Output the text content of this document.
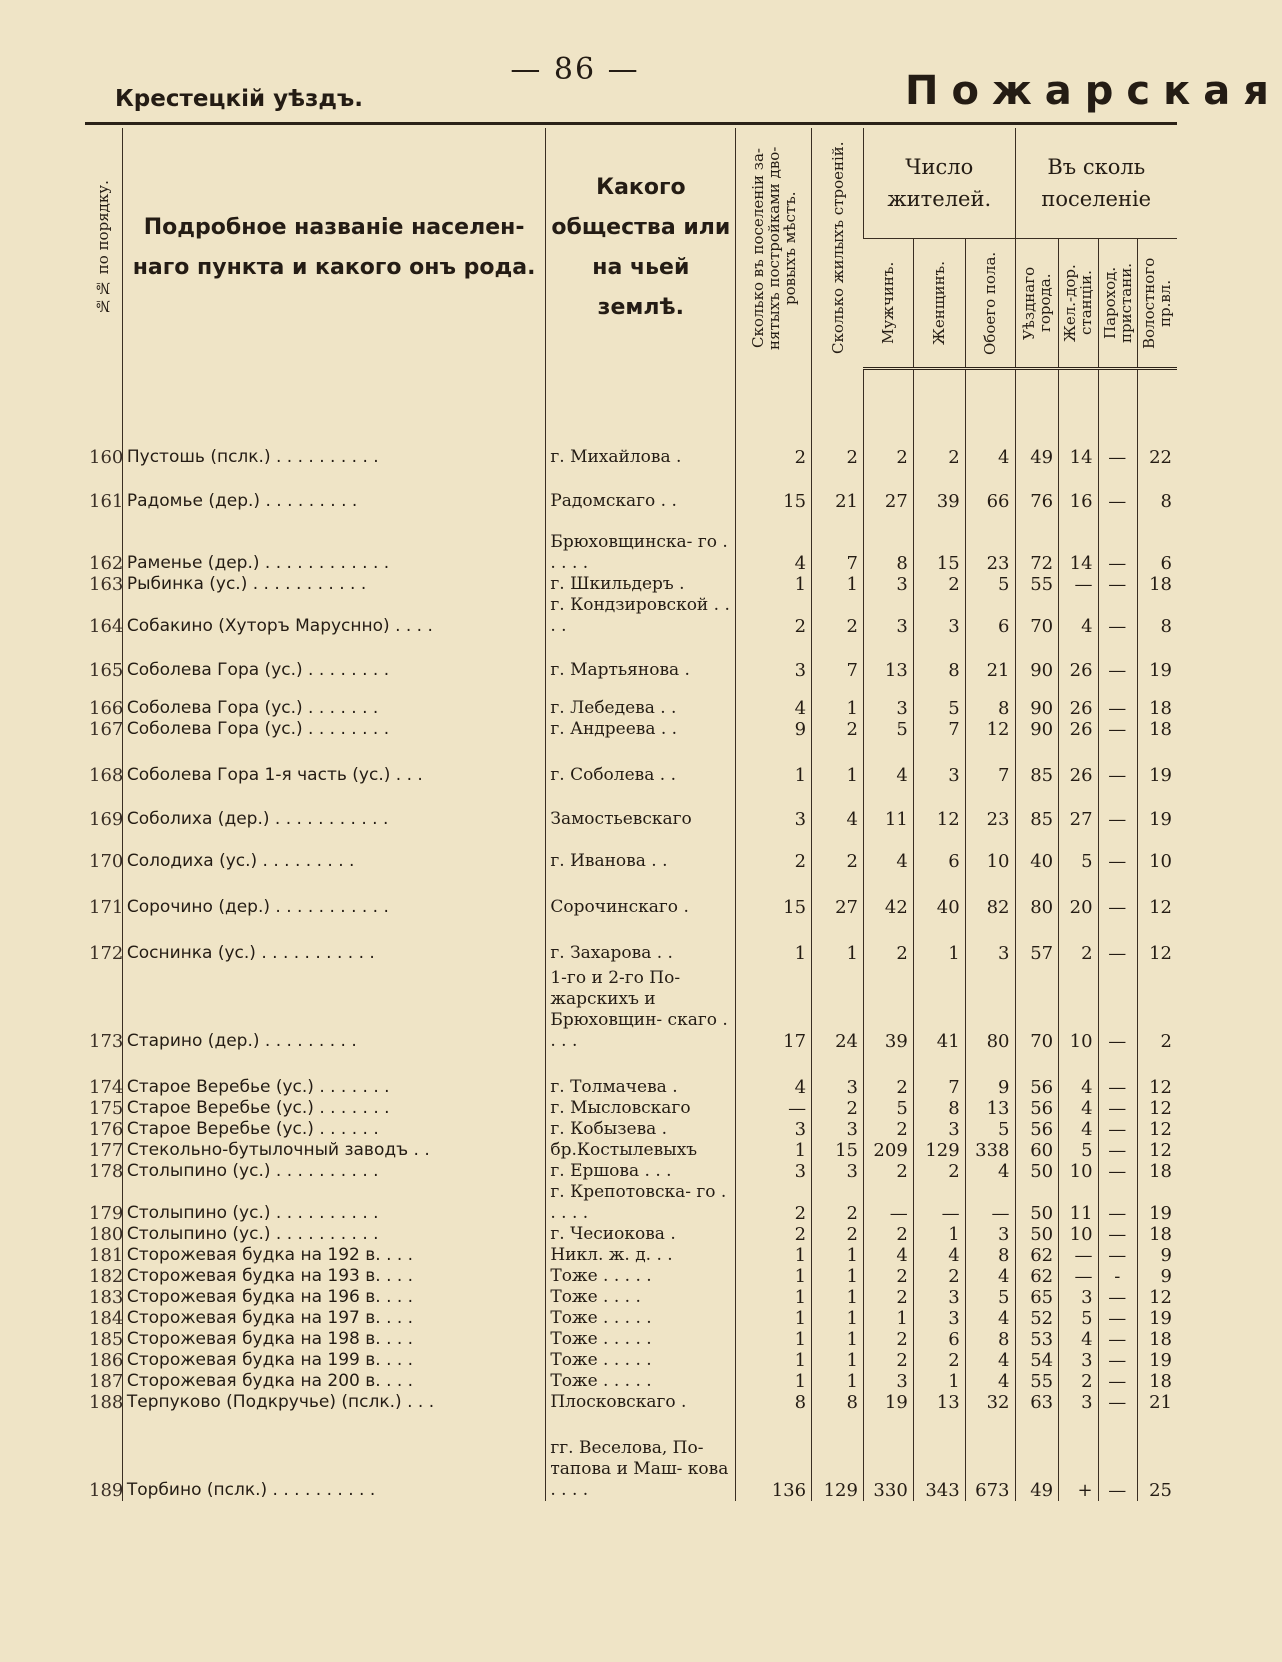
— 86 —
Крестецкій уѣздъ.	Пожарская
№№ по порядку.	Подробное названіе населен-наго пункта и какого онъ рода.	Какого общества или на чьей землѣ.	Сколько въ поселеніи за-нятыхъ постройками дво-ровыхъ мѣстъ.	Сколько жилыхъ строеній.	Число жителей.			Въ сколь поселеніе			

					Мужчинъ.	Женщинъ.	Обоего пола.	Уѣзднаго города.	Жел.-дор. станціи.	Пароход. пристани.	Волостного пр.вл.

160	Пустошь (пслк.) . . . . . . . . . .	г. Михайлова .	2	2	2	2	4	49	14	—	22
161	Радомье (дер.) . . . . . . . . .	Радомскаго . .	15	21	27	39	66	76	16	—	8
162	Раменье (дер.) . . . . . . . . . . . .	Брюховщинска- го . . . . .	4	7	8	15	23	72	14	—	6
163	Рыбинка (ус.) . . . . . . . . . . .	г. Шкильдеръ .	1	1	3	2	5	55	—	—	18
164	Собакино (Хуторъ Маруснно) . . . .	г. Кондзировской . . . .	2	2	3	3	6	70	4	—	8
165	Соболева Гора (ус.) . . . . . . . .	г. Мартьянова .	3	7	13	8	21	90	26	—	19
166	Соболева Гора (ус.) . . . . . . .	г. Лебедева . .	4	1	3	5	8	90	26	—	18
167	Соболева Гора (ус.) . . . . . . . .	г. Андреева . .	9	2	5	7	12	90	26	—	18
168	Соболева Гора 1-я часть (ус.) . . .	г. Соболева . .	1	1	4	3	7	85	26	—	19
169	Соболиха (дер.) . . . . . . . . . . .	Замостьевскаго	3	4	11	12	23	85	27	—	19
170	Солодиха (ус.) . . . . . . . . .	г. Иванова . .	2	2	4	6	10	40	5	—	10
171	Сорочино (дер.) . . . . . . . . . . .	Сорочинскаго .	15	27	42	40	82	80	20	—	12
172	Соснинка (ус.) . . . . . . . . . . .	г. Захарова . .	1	1	2	1	3	57	2	—	12
173	Старино (дер.) . . . . . . . . .	1-го и 2-го По- жарскихъ и Брюховщин- скаго . . . .	17	24	39	41	80	70	10	—	2
174	Старое Веребье (ус.) . . . . . . .	г. Толмачева .	4	3	2	7	9	56	4	—	12
175	Старое Веребье (ус.) . . . . . . .	г. Мысловскаго	—	2	5	8	13	56	4	—	12
176	Старое Веребье (ус.) . . . . . .	г. Кобызева .	3	3	2	3	5	56	4	—	12
177	Стекольно-бутылочный заводъ . .	бр.Костылевыхъ	1	15	209	129	338	60	5	—	12
178	Столыпино (ус.) . . . . . . . . . .	г. Ершова . . .	3	3	2	2	4	50	10	—	18
179	Столыпино (ус.) . . . . . . . . . .	г. Крепотовска- го . . . . .	2	2	—	—	—	50	11	—	19
180	Столыпино (ус.) . . . . . . . . . .	г. Чесиокова .	2	2	2	1	3	50	10	—	18
181	Сторожевая будка на 192 в. . . .	Никл. ж. д. . .	1	1	4	4	8	62	—	—	9
182	Сторожевая будка на 193 в. . . .	Тоже . . . . .	1	1	2	2	4	62	—	-	9
183	Сторожевая будка на 196 в. . . .	Тоже . . . .	1	1	2	3	5	65	3	—	12
184	Сторожевая будка на 197 в. . . .	Тоже . . . . .	1	1	1	3	4	52	5	—	19
185	Сторожевая будка на 198 в. . . .	Тоже . . . . .	1	1	2	6	8	53	4	—	18
186	Сторожевая будка на 199 в. . . .	Тоже . . . . .	1	1	2	2	4	54	3	—	19
187	Сторожевая будка на 200 в. . . .	Тоже . . . . .	1	1	3	1	4	55	2	—	18
188	Терпуково (Подкручье) (пслк.) . . .	Плосковскаго .	8	8	19	13	32	63	3	—	21
189	Торбино (пслк.) . . . . . . . . . .	гг. Веселова, По- тапова и Маш- кова . . . .	136	129	330	343	673	49	+	—	25
